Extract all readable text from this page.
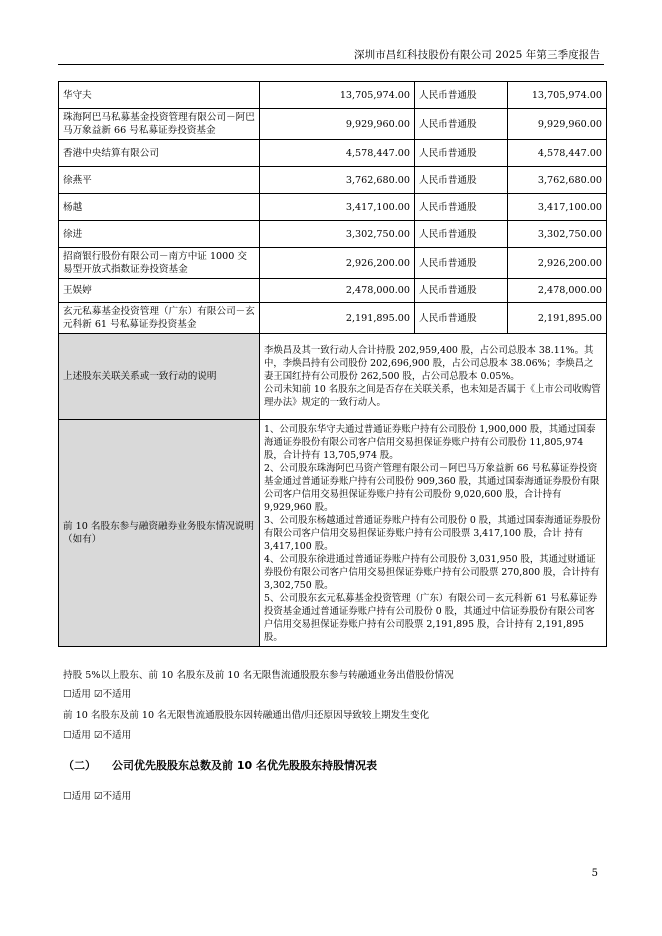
深圳市昌红科技股份有限公司 2025 年第三季度报告
华守夫	13,705,974.00	人民币普通股	13,705,974.00
珠海阿巴马私募基金投资管理有限公司－阿巴马万象益新 66 号私募证券投资基金	9,929,960.00	人民币普通股	9,929,960.00
香港中央结算有限公司	4,578,447.00	人民币普通股	4,578,447.00
徐燕平	3,762,680.00	人民币普通股	3,762,680.00
杨越	3,417,100.00	人民币普通股	3,417,100.00
徐进	3,302,750.00	人民币普通股	3,302,750.00
招商银行股份有限公司－南方中证 1000 交易型开放式指数证券投资基金	2,926,200.00	人民币普通股	2,926,200.00
王娱婷	2,478,000.00	人民币普通股	2,478,000.00
玄元私募基金投资管理（广东）有限公司－玄元科新 61 号私募证券投资基金	2,191,895.00	人民币普通股	2,191,895.00
上述股东关联关系或一致行动的说明	李焕昌及其一致行动人合计持股 202,959,400 股，占公司总股本 38.11%。其中，李焕昌持有公司股份 202,696,900 股，占公司总股本 38.06%；李焕昌之妻王国红持有公司股份 262,500 股，占公司总股本 0.05%。

公司未知前 10 名股东之间是否存在关联关系，也未知是否属于《上市公司收购管理办法》规定的一致行动人。		

前 10 名股东参与融资融券业务股东情况说明（如有）	1、公司股东华守夫通过普通证券账户持有公司股份 1,900,000 股，其通过国泰海通证券股份有限公司客户信用交易担保证券账户持有公司股份 11,805,974 股，合计持有 13,705,974 股。

2、公司股东珠海阿巴马资产管理有限公司－阿巴马万象益新 66 号私募证券投资基金通过普通证券账户持有公司股份 909,360 股，其通过国泰海通证券股份有限公司客户信用交易担保证券账户持有公司股份 9,020,600 股，合计持有 9,929,960 股。

3、公司股东杨越通过普通证券账户持有公司股份 0 股，其通过国泰海通证券股份有限公司客户信用交易担保证券账户持有公司股票 3,417,100 股，合计 持有 3,417,100 股。

4、公司股东徐进通过普通证券账户持有公司股份 3,031,950 股，其通过财通证券股份有限公司客户信用交易担保证券账户持有公司股票 270,800 股，合计持有 3,302,750 股。

5、公司股东玄元私募基金投资管理（广东）有限公司－玄元科新 61 号私募证券投资基金通过普通证券账户持有公司股份 0 股，其通过中信证券股份有限公司客户信用交易担保证券账户持有公司股票 2,191,895 股，合计持有 2,191,895 股。		

持股 5%以上股东、前 10 名股东及前 10 名无限售流通股股东参与转融通业务出借股份情况
☐适用 ☑不适用
前 10 名股东及前 10 名无限售流通股股东因转融通出借/归还原因导致较上期发生变化
☐适用 ☑不适用
（二） 公司优先股股东总数及前 10 名优先股股东持股情况表
☐适用 ☑不适用
5
